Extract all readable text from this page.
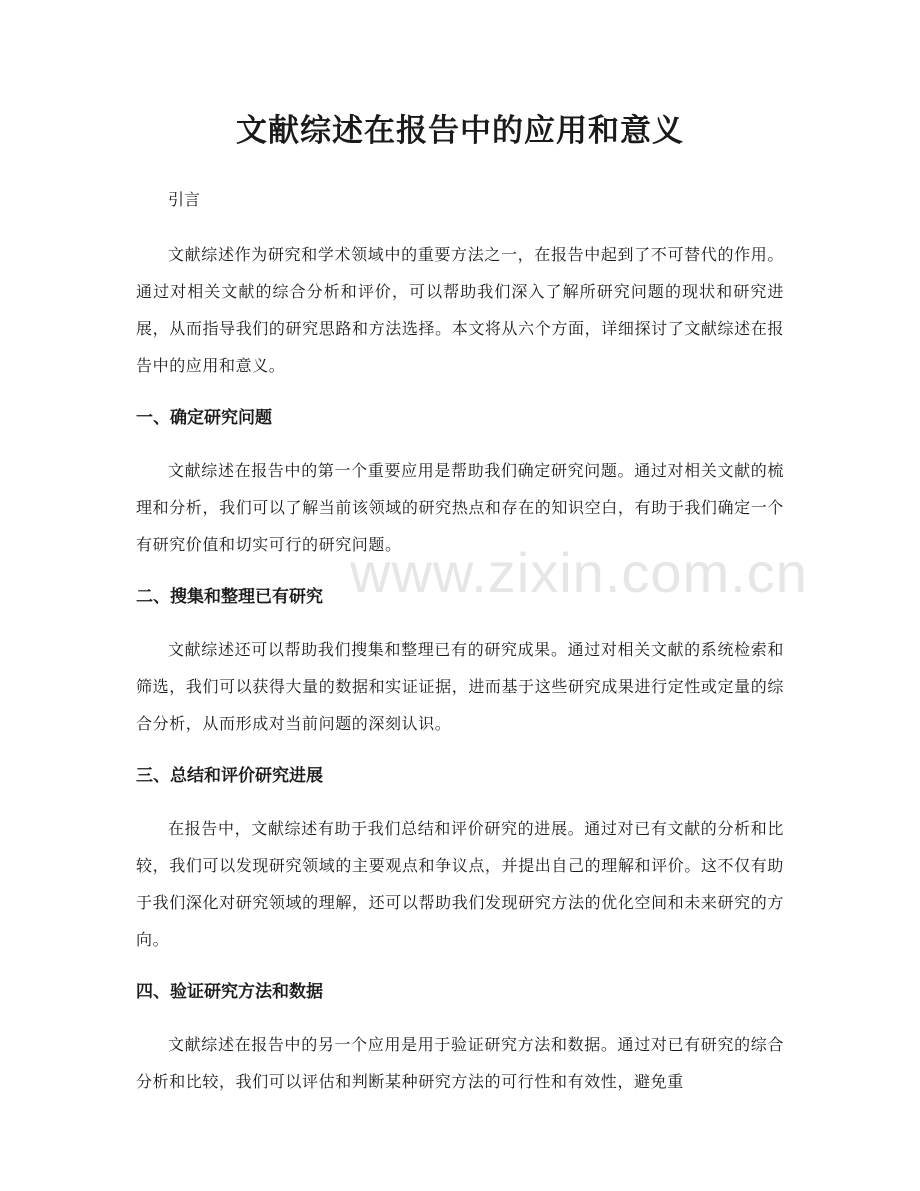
文献综述在报告中的应用和意义

引言

文献综述作为研究和学术领域中的重要方法之一，在报告中起到了不可替代的作用。通过对相关文献的综合分析和评价，可以帮助我们深入了解所研究问题的现状和研究进展，从而指导我们的研究思路和方法选择。本文将从六个方面，详细探讨了文献综述在报告中的应用和意义。

一、确定研究问题

文献综述在报告中的第一个重要应用是帮助我们确定研究问题。通过对相关文献的梳理和分析，我们可以了解当前该领域的研究热点和存在的知识空白，有助于我们确定一个有研究价值和切实可行的研究问题。

二、搜集和整理已有研究

文献综述还可以帮助我们搜集和整理已有的研究成果。通过对相关文献的系统检索和筛选，我们可以获得大量的数据和实证证据，进而基于这些研究成果进行定性或定量的综合分析，从而形成对当前问题的深刻认识。

三、总结和评价研究进展

在报告中，文献综述有助于我们总结和评价研究的进展。通过对已有文献的分析和比较，我们可以发现研究领域的主要观点和争议点，并提出自己的理解和评价。这不仅有助于我们深化对研究领域的理解，还可以帮助我们发现研究方法的优化空间和未来研究的方向。

四、验证研究方法和数据

文献综述在报告中的另一个应用是用于验证研究方法和数据。通过对已有研究的综合分析和比较，我们可以评估和判断某种研究方法的可行性和有效性，避免重

www.zixin.com.cn
